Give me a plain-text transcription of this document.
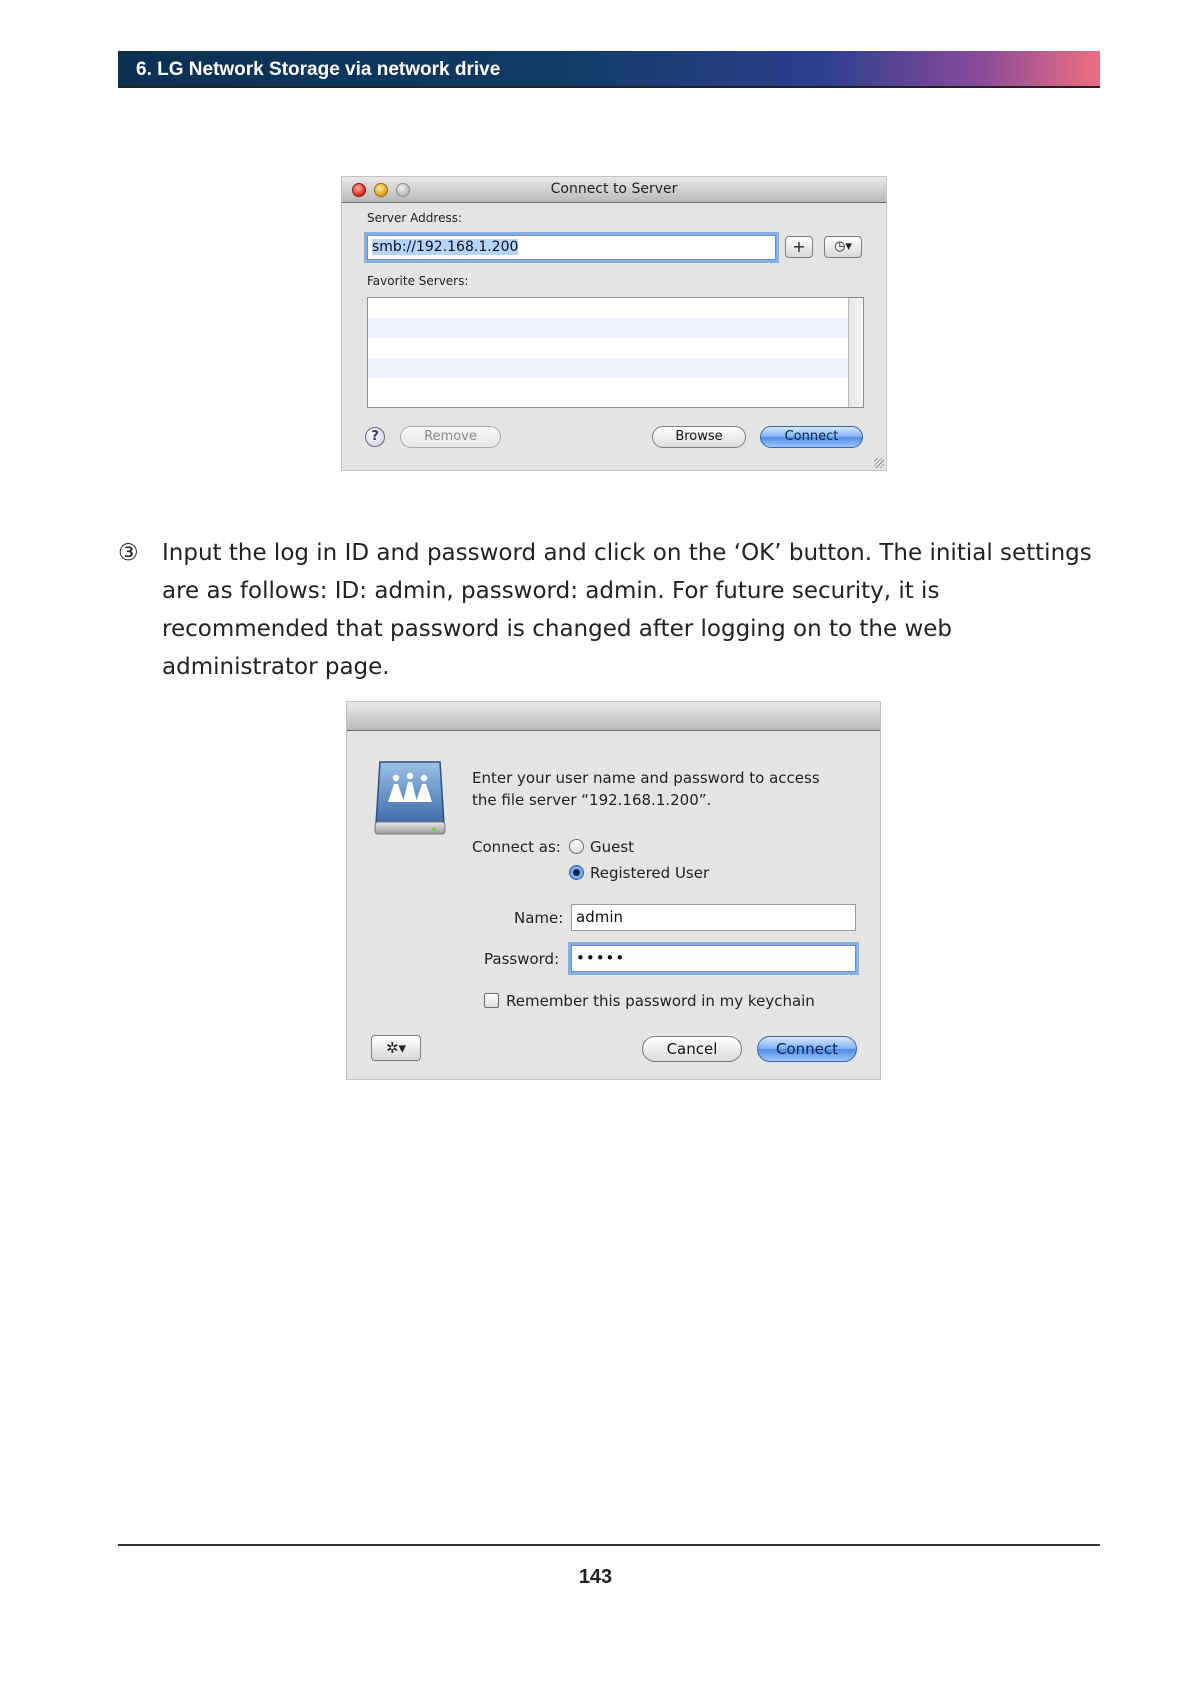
6. LG Network Storage via network drive
Connect to Server
Server Address:
smb://192.168.1.200	+	◷▾
Favorite Servers:
?	Remove	Browse	Connect
③ Input the log in ID and password and click on the ‘OK’ button. The initial settings are as follows: ID: admin, password: admin. For future security, it is recommended that password is changed after logging on to the web administrator page.
Enter your user name and password to access
the file server “192.168.1.200”.
Connect as: Guest
Registered User
Name: admin
Password:	•••••
Remember this password in my keychain
✲▾	Cancel	Connect
143
